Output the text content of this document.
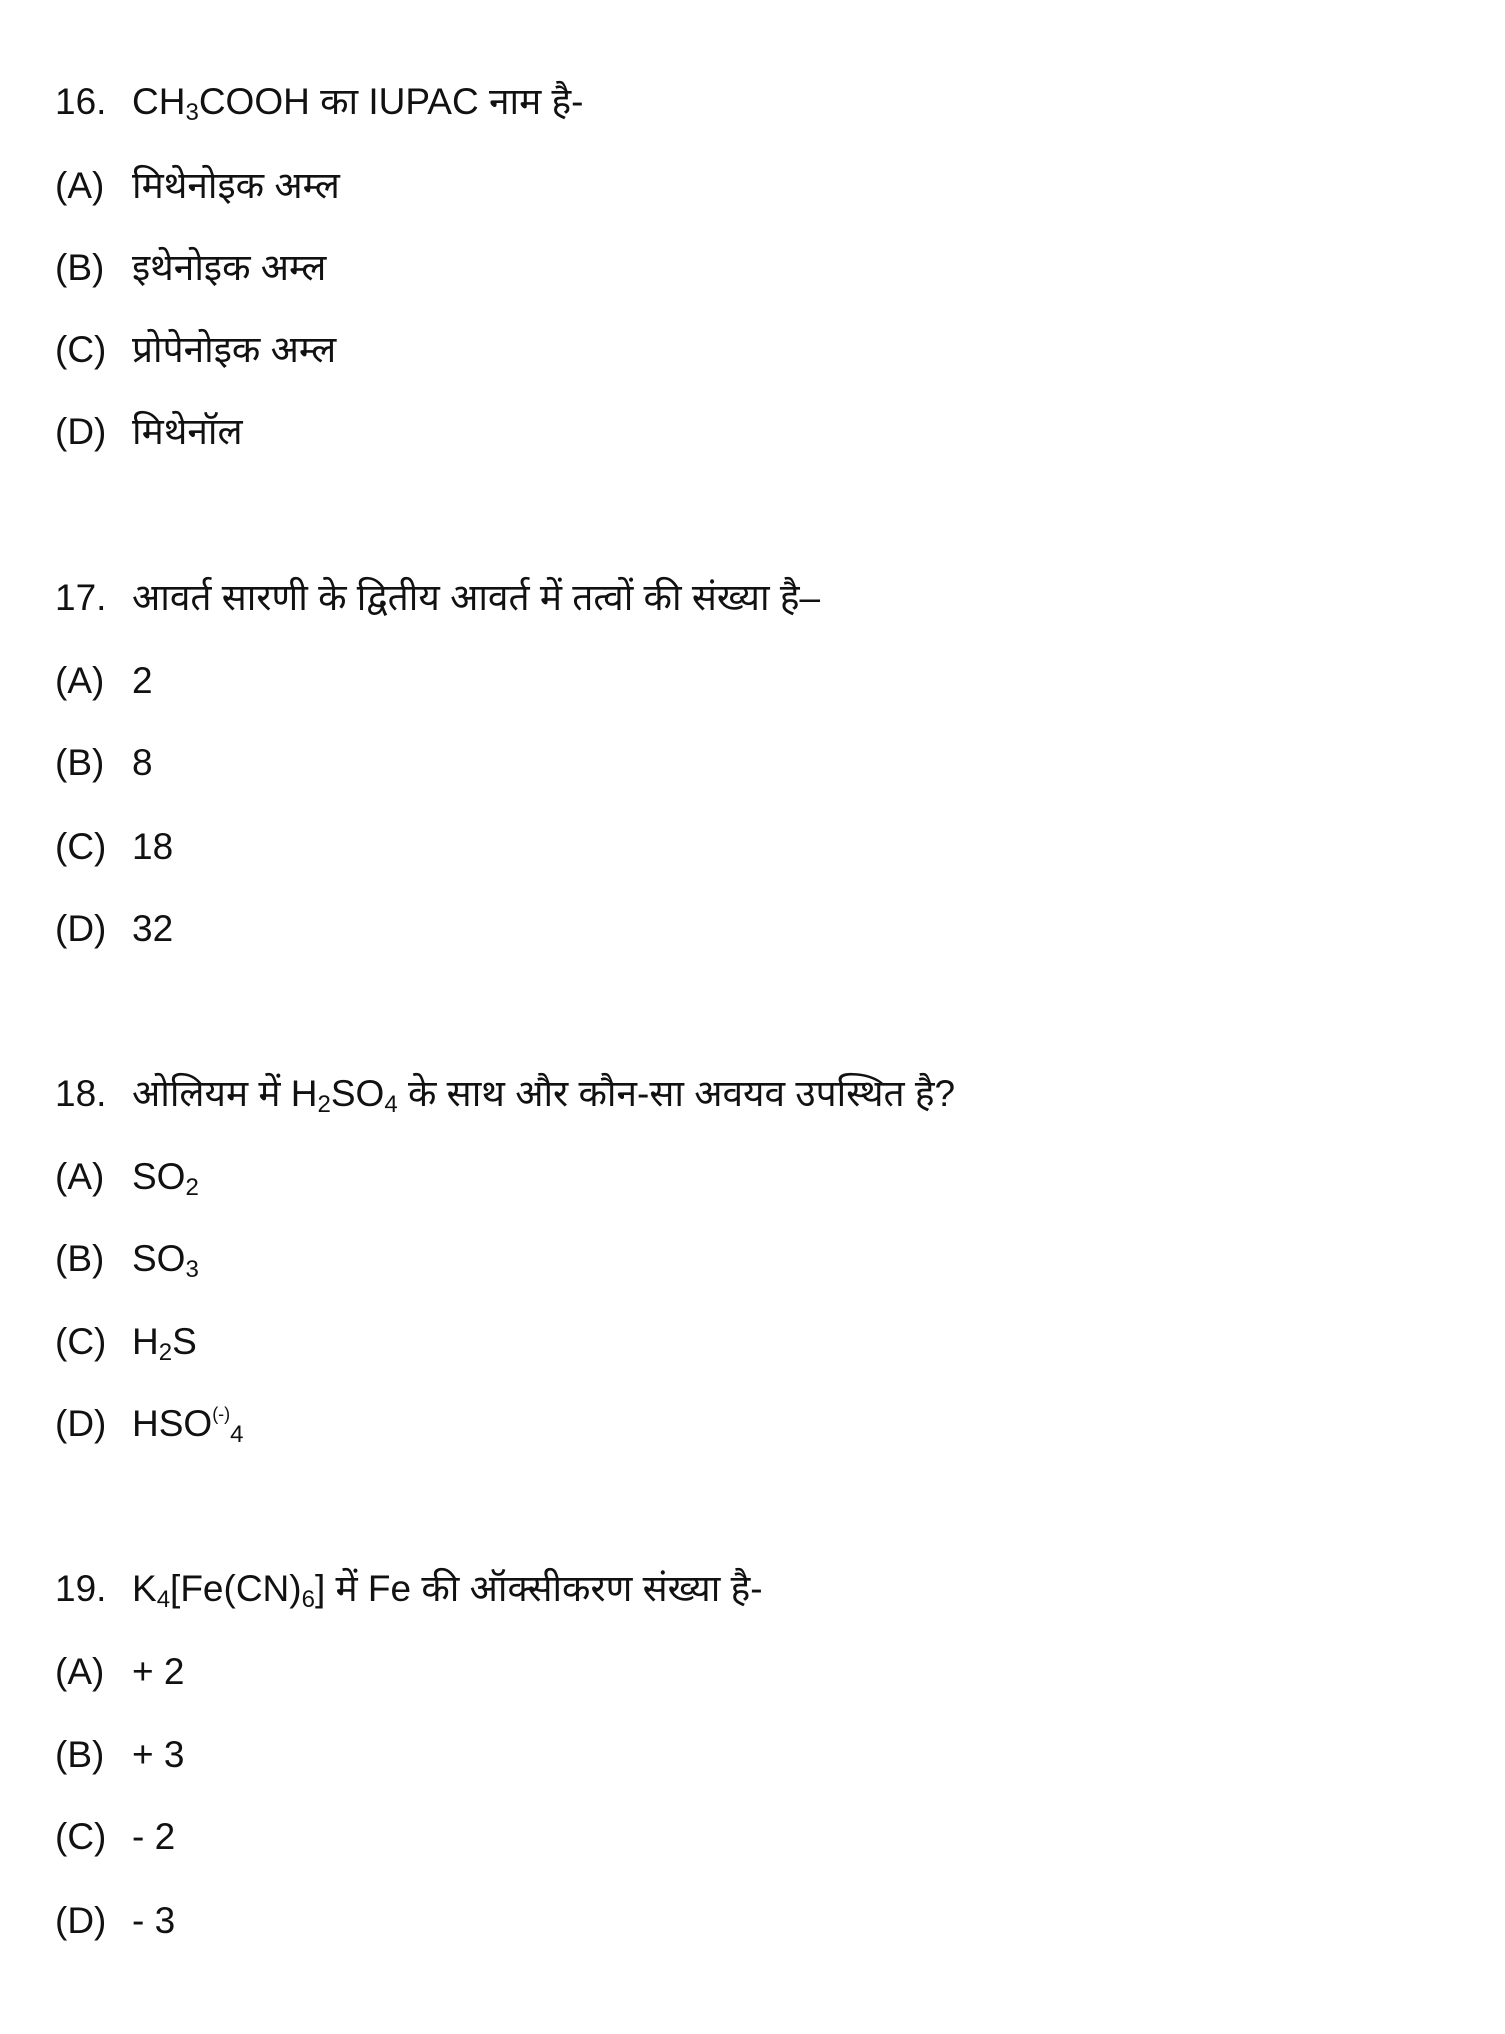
16. $CH_3COOH$ का IUPAC नाम है-
(A) मिथेनोइक अम्ल
(B) इथेनोइक अम्ल
(C) प्रोपेनोइक अम्ल
(D) मिथेनॉल
17. आवर्त सारणी के द्वितीय आवर्त में तत्वों की संख्या है–
(A) 2
(B) 8
(C) 18
(D) 32
18. ओलियम में $H_2SO_4$ के साथ और कौन-सा अवयव उपस्थित है?
(A) $SO_2$
(B) $SO_3$
(C) $H_2S$
(D) $HSO^{(-)}_4$
19. $K_4[Fe(CN)_6]$ में Fe की ऑक्सीकरण संख्या है-
(A) + 2
(B) + 3
(C) - 2
(D) - 3
